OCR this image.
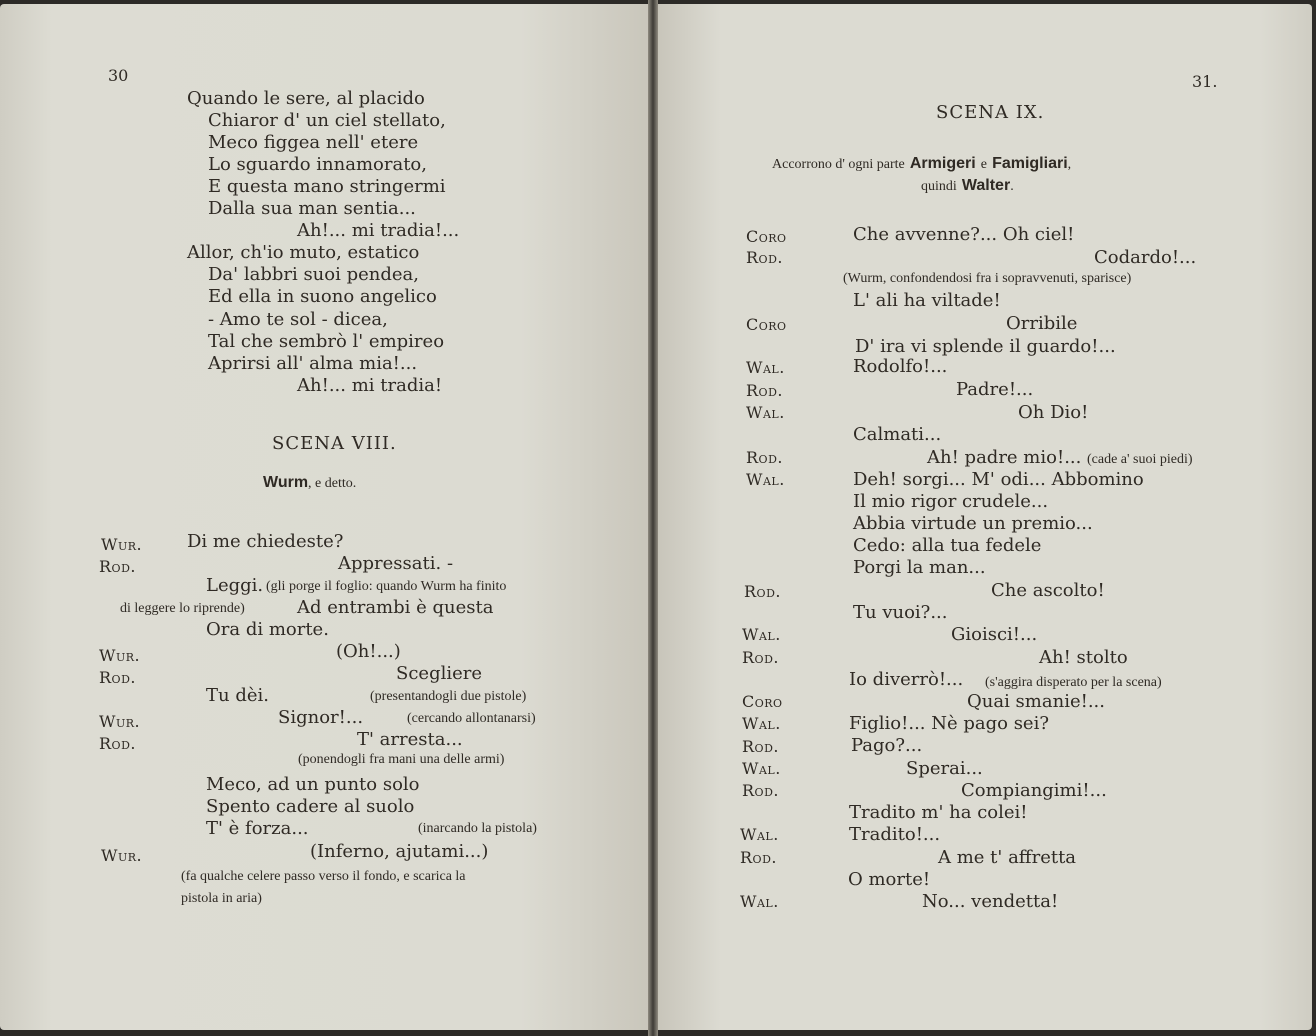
30
Quando le sere, al placido
Chiaror d' un ciel stellato,
Meco figgea nell' etere
Lo sguardo innamorato,
E questa mano stringermi
Dalla sua man sentia...
Ah!... mi tradia!...
Allor, ch'io muto, estatico
Da' labbri suoi pendea,
Ed ella in suono angelico
- Amo te sol - dicea,
Tal che sembrò l' empireo
Aprirsi all' alma mia!...
Ah!... mi tradia!
SCENA VIII.
Wurm, e detto.
Wur. Di me chiedeste?
Rod.	Appressati. -
Leggi. (gli porge il foglio: quando Wurm ha finito
di leggere lo riprende)	Ad entrambi è questa
Ora di morte.
Wur.	(Oh!...)
Rod.	Scegliere
Tu dèi.	(presentandogli due pistole)
Wur.	Signor!...	(cercando allontanarsi)
Rod.	T' arresta...
(ponendogli fra mani una delle armi)
Meco, ad un punto solo
Spento cadere al suolo
T' è forza...	(inarcando la pistola)
Wur.	(Inferno, ajutami...)
(fa qualche celere passo verso il fondo, e scarica la
pistola in aria)
31.
SCENA IX.
Accorrono d' ogni parte Armigeri e Famigliari,
quindi Walter.
Coro	Che avvenne?... Oh ciel!
Rod.	Codardo!...
(Wurm, confondendosi fra i sopravvenuti, sparisce)
L' ali ha viltade!
Coro	Orribile
D' ira vi splende il guardo!...
Wal.	Rodolfo!...
Rod.	Padre!...
Wal.	Oh Dio!
Calmati...
Rod.	Ah! padre mio!... (cade a' suoi piedi)
Wal.	Deh! sorgi... M' odi... Abbomino
Il mio rigor crudele...
Abbia virtude un premio...
Cedo: alla tua fedele
Porgi la man...
Rod.	Che ascolto!
Tu vuoi?...
Wal.	Gioisci!...
Rod.	Ah! stolto
Io diverrò!... (s'aggira disperato per la scena)
Coro	Quai smanie!...
Wal.	Figlio!... Nè pago sei?
Rod.	Pago?...
Wal.	Sperai...
Rod.	Compiangimi!...
Tradito m' ha colei!
Wal.	Tradito!...
Rod.	A me t' affretta
O morte!
Wal.	No... vendetta!
